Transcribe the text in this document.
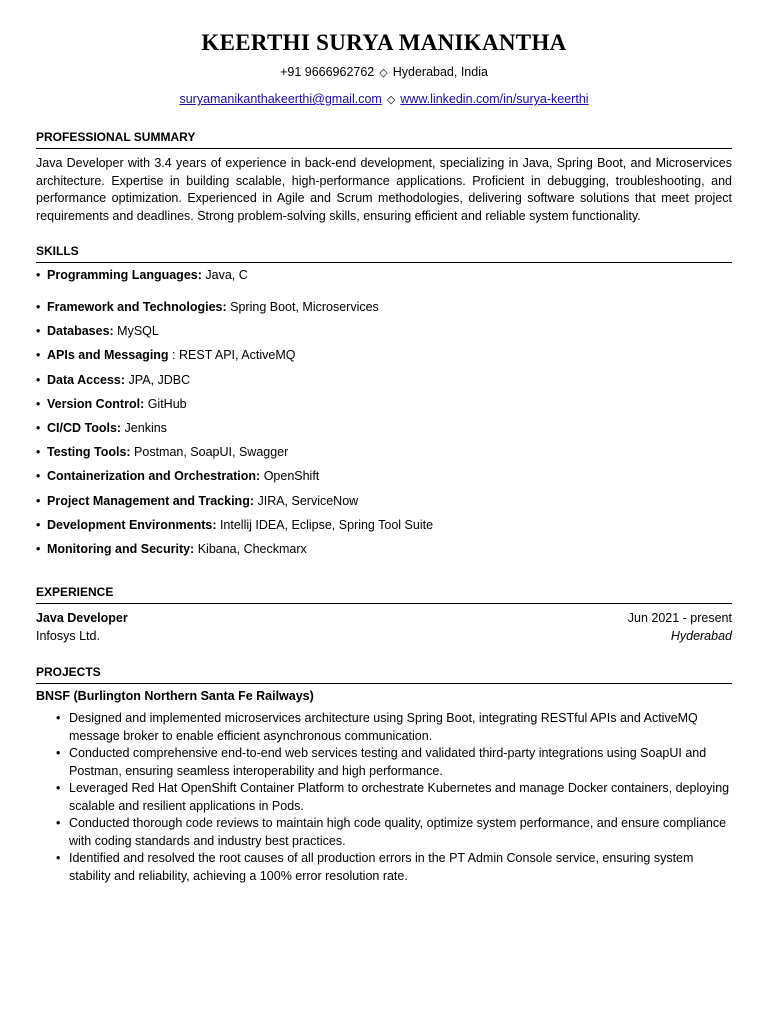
KEERTHI SURYA MANIKANTHA
+91 9666962762 ◇ Hyderabad, India
suryamanikanthakeerthi@gmail.com ◇ www.linkedin.com/in/surya-keerthi
PROFESSIONAL SUMMARY
Java Developer with 3.4 years of experience in back-end development, specializing in Java, Spring Boot, and Microservices architecture. Expertise in building scalable, high-performance applications. Proficient in debugging, troubleshooting, and performance optimization. Experienced in Agile and Scrum methodologies, delivering software solutions that meet project requirements and deadlines. Strong problem-solving skills, ensuring efficient and reliable system functionality.
SKILLS
• Programming Languages: Java, C
• Framework and Technologies: Spring Boot, Microservices
• Databases: MySQL
• APIs and Messaging : REST API, ActiveMQ
• Data Access: JPA, JDBC
• Version Control: GitHub
• CI/CD Tools: Jenkins
• Testing Tools: Postman, SoapUI, Swagger
• Containerization and Orchestration: OpenShift
• Project Management and Tracking: JIRA, ServiceNow
• Development Environments: Intellij IDEA, Eclipse, Spring Tool Suite
• Monitoring and Security: Kibana, Checkmarx
EXPERIENCE
Java Developer	Jun 2021 - present
Infosys Ltd.	Hyderabad
PROJECTS
BNSF (Burlington Northern Santa Fe Railways)
• Designed and implemented microservices architecture using Spring Boot, integrating RESTful APIs and ActiveMQ message broker to enable efficient asynchronous communication.
• Conducted comprehensive end-to-end web services testing and validated third-party integrations using SoapUI and Postman, ensuring seamless interoperability and high performance.
• Leveraged Red Hat OpenShift Container Platform to orchestrate Kubernetes and manage Docker containers, deploying scalable and resilient applications in Pods.
• Conducted thorough code reviews to maintain high code quality, optimize system performance, and ensure compliance with coding standards and industry best practices.
• Identified and resolved the root causes of all production errors in the PT Admin Console service, ensuring system stability and reliability, achieving a 100% error resolution rate.
